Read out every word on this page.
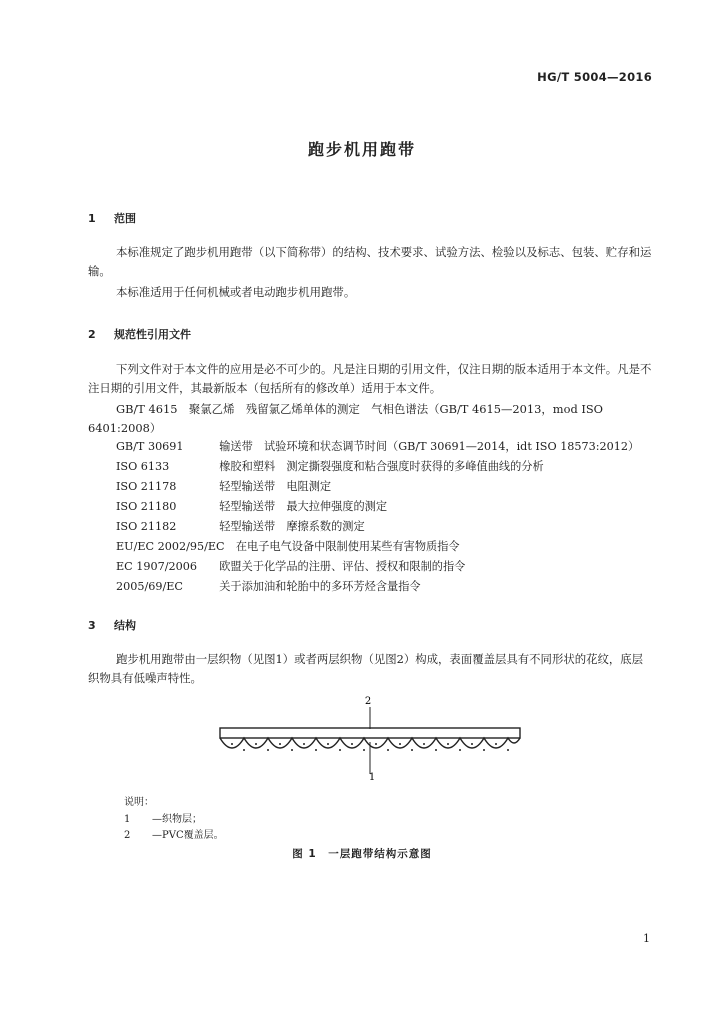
HG/T 5004—2016
跑步机用跑带
1 范围
本标准规定了跑步机用跑带（以下简称带）的结构、技术要求、试验方法、检验以及标志、包装、贮存和运输。
本标准适用于任何机械或者电动跑步机用跑带。
2 规范性引用文件
下列文件对于本文件的应用是必不可少的。凡是注日期的引用文件，仅注日期的版本适用于本文件。凡是不注日期的引用文件，其最新版本（包括所有的修改单）适用于本文件。
GB/T 4615　聚氯乙烯　残留氯乙烯单体的测定　气相色谱法（GB/T 4615—2013，mod ISO 6401:2008）
GB/T 30691　	输送带　试验环境和状态调节时间（GB/T 30691—2014，idt ISO 18573:2012）
ISO 6133　	橡胶和塑料　测定撕裂强度和粘合强度时获得的多峰值曲线的分析
ISO 21178　	轻型输送带　电阻测定
ISO 21180　	轻型输送带　最大拉伸强度的测定
ISO 21182　	轻型输送带　摩擦系数的测定
EU/EC 2002/95/EC　 在电子电气设备中限制使用某些有害物质指令
EC 1907/2006　 欧盟关于化学品的注册、评估、授权和限制的指令
2005/69/EC　	关于添加油和轮胎中的多环芳烃含量指令
3 结构
跑步机用跑带由一层织物（见图1）或者两层织物（见图2）构成，表面覆盖层具有不同形状的花纹，底层织物具有低噪声特性。
2
1
说明：
1 —织物层；
2 —PVC覆盖层。
图 1　一层跑带结构示意图
1
